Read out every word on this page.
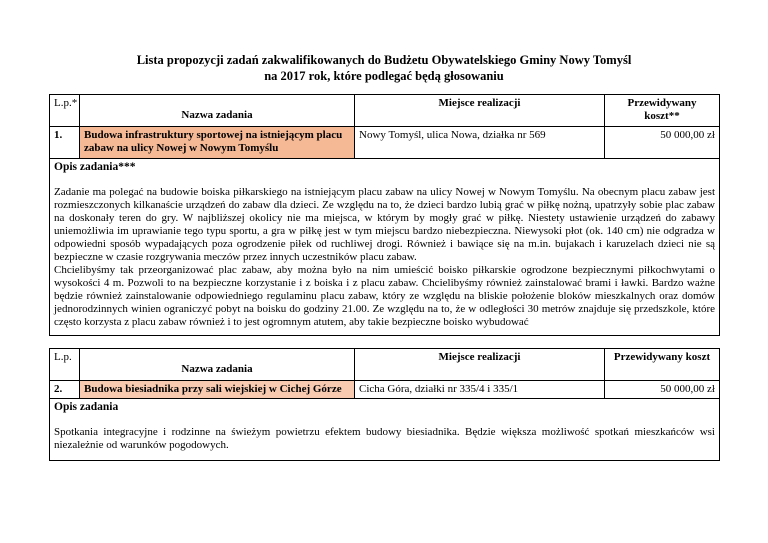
Lista propozycji zadań zakwalifikowanych do Budżetu Obywatelskiego Gminy Nowy Tomyśl
na 2017 rok, które podlegać będą głosowaniu
L.p.*	Nazwa zadania	Miejsce realizacji	Przewidywany koszt**
1.	Budowa infrastruktury sportowej na istniejącym placu zabaw na ulicy Nowej w Nowym Tomyślu	Nowy Tomyśl, ulica Nowa, działka nr 569	50 000,00 zł

Opis zadania***
Zadanie ma polegać na budowie boiska piłkarskiego na istniejącym placu zabaw na ulicy Nowej w Nowym Tomyślu. Na obecnym placu zabaw jest rozmieszczonych kilkanaście urządzeń do zabaw dla dzieci. Ze względu na to, że dzieci bardzo lubią grać w piłkę nożną, upatrzyły sobie plac zabaw na doskonały teren do gry. W najbliższej okolicy nie ma miejsca, w którym by mogły grać w piłkę. Niestety ustawienie urządzeń do zabawy uniemożliwia im uprawianie tego typu sportu, a gra w piłkę jest w tym miejscu bardzo niebezpieczna. Niewysoki płot (ok. 140 cm) nie odgradza w odpowiedni sposób wypadających poza ogrodzenie piłek od ruchliwej drogi. Również i bawiące się na m.in. bujakach i karuzelach dzieci nie są bezpieczne w czasie rozgrywania meczów przez innych uczestników placu zabaw.
Chcielibyśmy tak przeorganizować plac zabaw, aby można było na nim umieścić boisko piłkarskie ogrodzone bezpiecznymi piłkochwytami o wysokości 4 m. Pozwoli to na bezpieczne korzystanie i z boiska i z placu zabaw. Chcielibyśmy również zainstalować brami i ławki. Bardzo ważne będzie również zainstalowanie odpowiedniego regulaminu placu zabaw, który ze względu na bliskie położenie bloków mieszkalnych oraz domów jednorodzinnych winien ograniczyć pobyt na boisku do godziny 21.00. Ze względu na to, że w odległości 30 metrów znajduje się przedszkole, które często korzysta z placu zabaw również i to jest ogromnym atutem, aby takie bezpieczne boisko wybudować			
L.p.	Nazwa zadania	Miejsce realizacji	Przewidywany koszt
2.	Budowa biesiadnika przy sali wiejskiej w Cichej Górze	Cicha Góra, działki nr 335/4 i 335/1	50 000,00 zł

Opis zadania
Spotkania integracyjne i rodzinne na świeżym powietrzu efektem budowy biesiadnika. Będzie większa możliwość spotkań mieszkańców wsi niezależnie od warunków pogodowych.			
